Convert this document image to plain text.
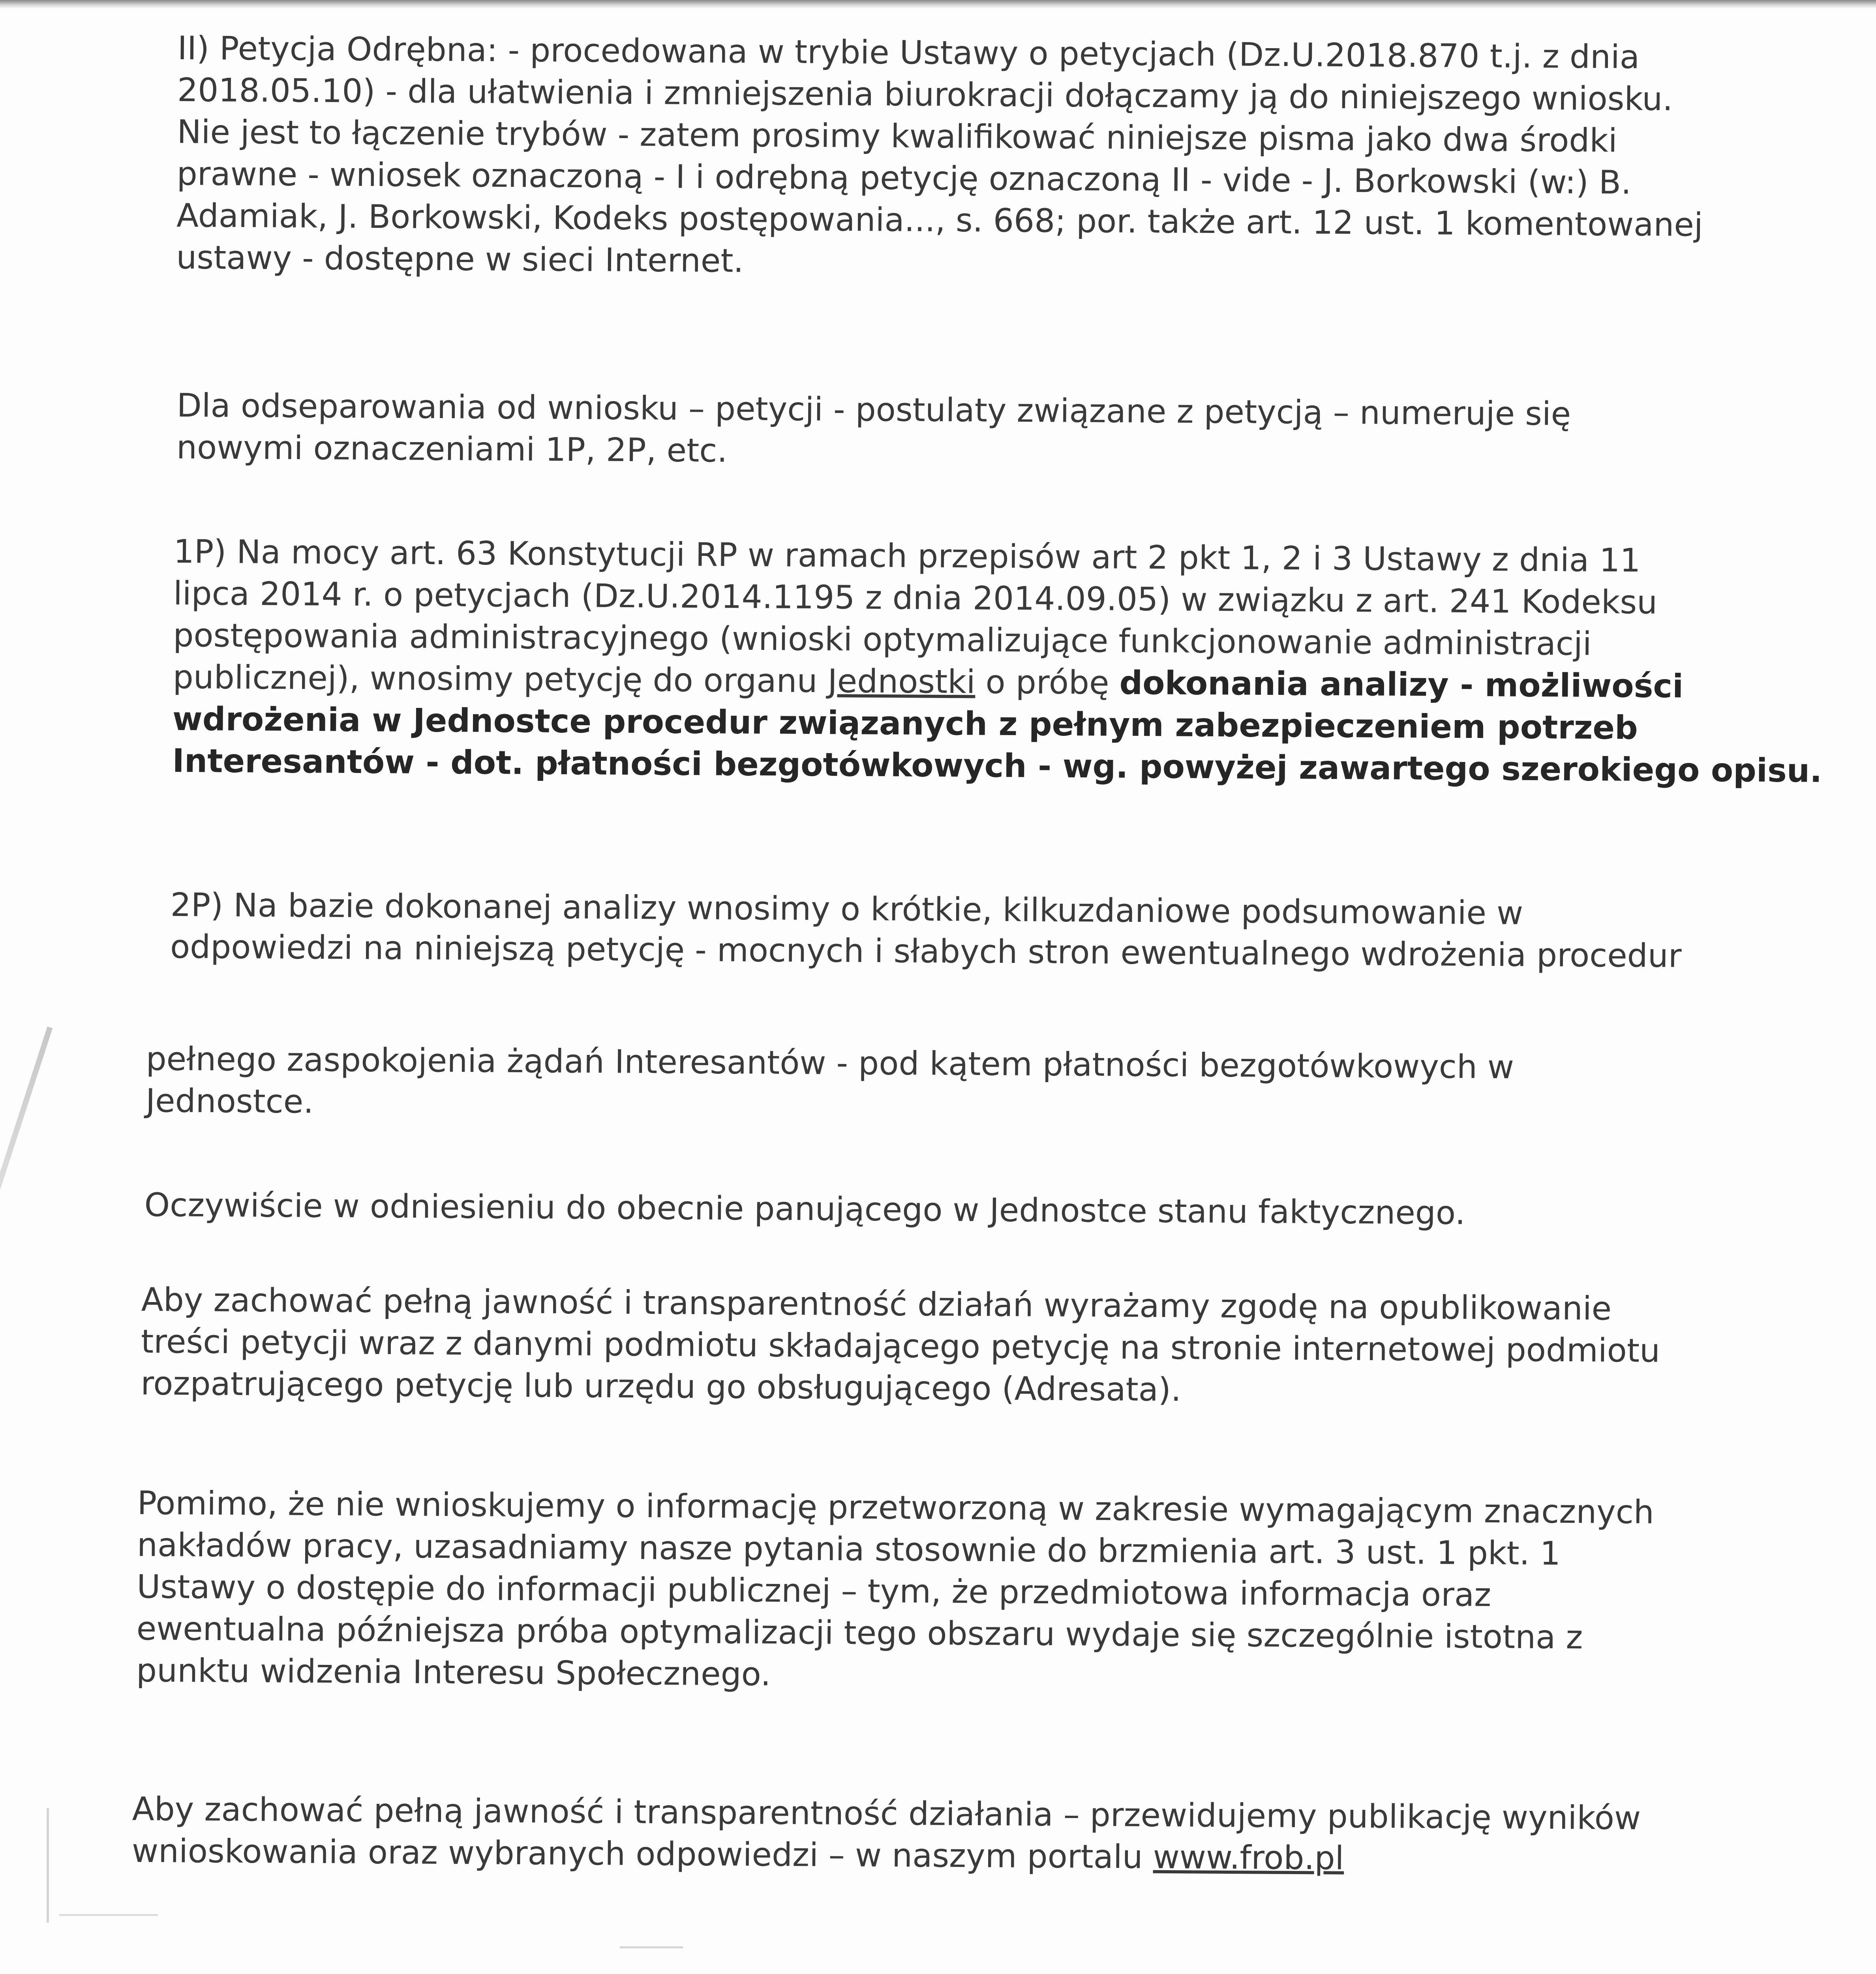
II) Petycja Odrębna: - procedowana w trybie Ustawy o petycjach (Dz.U.2018.870 t.j. z dnia
2018.05.10) - dla ułatwienia i zmniejszenia biurokracji dołączamy ją do niniejszego wniosku.
Nie jest to łączenie trybów - zatem prosimy kwalifikować niniejsze pisma jako dwa środki
prawne - wniosek oznaczoną - I i odrębną petycję oznaczoną II - vide - J. Borkowski (w:) B.
Adamiak, J. Borkowski, Kodeks postępowania..., s. 668; por. także art. 12 ust. 1 komentowanej
ustawy - dostępne w sieci Internet.
Dla odseparowania od wniosku – petycji - postulaty związane z petycją – numeruje się
nowymi oznaczeniami 1P, 2P, etc.
1P) Na mocy art. 63 Konstytucji RP w ramach przepisów art 2 pkt 1, 2 i 3 Ustawy z dnia 11
lipca 2014 r. o petycjach (Dz.U.2014.1195 z dnia 2014.09.05) w związku z art. 241 Kodeksu
postępowania administracyjnego (wnioski optymalizujące funkcjonowanie administracji
publicznej), wnosimy petycję do organu Jednostki o próbę dokonania analizy - możliwości
wdrożenia w Jednostce procedur związanych z pełnym zabezpieczeniem potrzeb
Interesantów - dot. płatności bezgotówkowych - wg. powyżej zawartego szerokiego opisu.
2P) Na bazie dokonanej analizy wnosimy o krótkie, kilkuzdaniowe podsumowanie w
odpowiedzi na niniejszą petycję - mocnych i słabych stron ewentualnego wdrożenia procedur
pełnego zaspokojenia żądań Interesantów - pod kątem płatności bezgotówkowych w
Jednostce.
Oczywiście w odniesieniu do obecnie panującego w Jednostce stanu faktycznego.
Aby zachować pełną jawność i transparentność działań wyrażamy zgodę na opublikowanie
treści petycji wraz z danymi podmiotu składającego petycję na stronie internetowej podmiotu
rozpatrującego petycję lub urzędu go obsługującego (Adresata).
Pomimo, że nie wnioskujemy o informację przetworzoną w zakresie wymagającym znacznych
nakładów pracy, uzasadniamy nasze pytania stosownie do brzmienia art. 3 ust. 1 pkt. 1
Ustawy o dostępie do informacji publicznej – tym, że przedmiotowa informacja oraz
ewentualna późniejsza próba optymalizacji tego obszaru wydaje się szczególnie istotna z
punktu widzenia Interesu Społecznego.
Aby zachować pełną jawność i transparentność działania – przewidujemy publikację wyników
wnioskowania oraz wybranych odpowiedzi – w naszym portalu www.frob.pl
